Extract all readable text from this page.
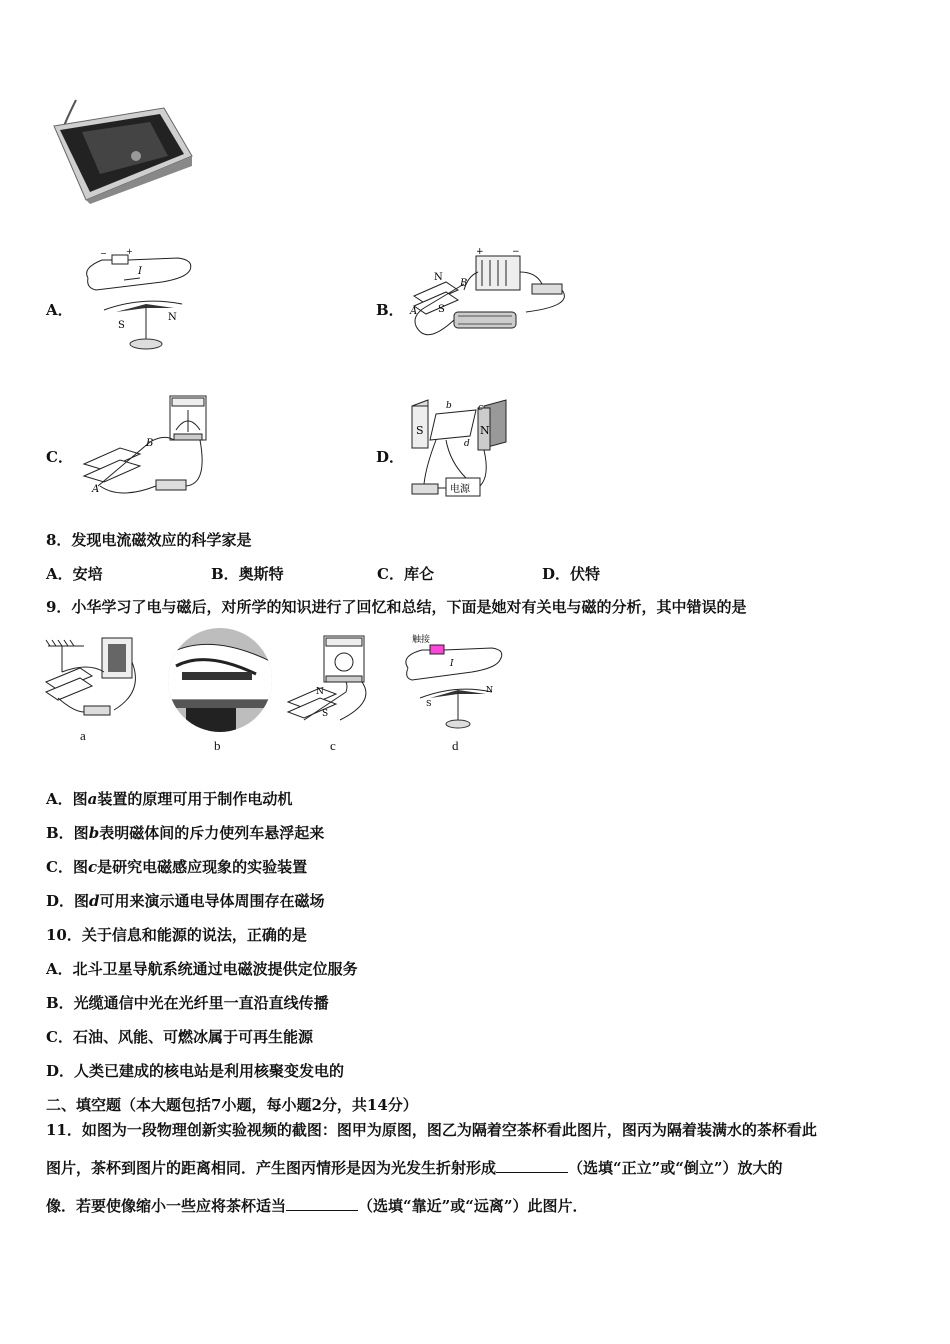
A．	B．
C．	D．
− +
I
S
N
+	−
N
S
B
A
B
A
S	N
b	c
d
电源
8．发现电流磁效应的科学家是
A．安培	B．奥斯特	C．库仑	D．伏特
9．小华学习了电与磁后，对所学的知识进行了回忆和总结，下面是她对有关电与磁的分析，其中错误的是
a
b
N
S
c
触接
I
S
N
d
A．图a装置的原理可用于制作电动机
B．图b表明磁体间的斥力使列车悬浮起来
C．图c是研究电磁感应现象的实验装置
D．图d可用来演示通电导体周围存在磁场
10．关于信息和能源的说法，正确的是
A．北斗卫星导航系统通过电磁波提供定位服务
B．光缆通信中光在光纤里一直沿直线传播
C．石油、风能、可燃冰属于可再生能源
D．人类已建成的核电站是利用核聚变发电的
二、填空题（本大题包括7小题，每小题2分，共14分）
11．如图为一段物理创新实验视频的截图：图甲为原图，图乙为隔着空茶杯看此图片，图丙为隔着装满水的茶杯看此
图片，茶杯到图片的距离相同．产生图丙情形是因为光发生折射形成	（选填“正立”或“倒立”）放大的
像．若要使像缩小一些应将茶杯适当	（选填“靠近”或“远离”）此图片．
